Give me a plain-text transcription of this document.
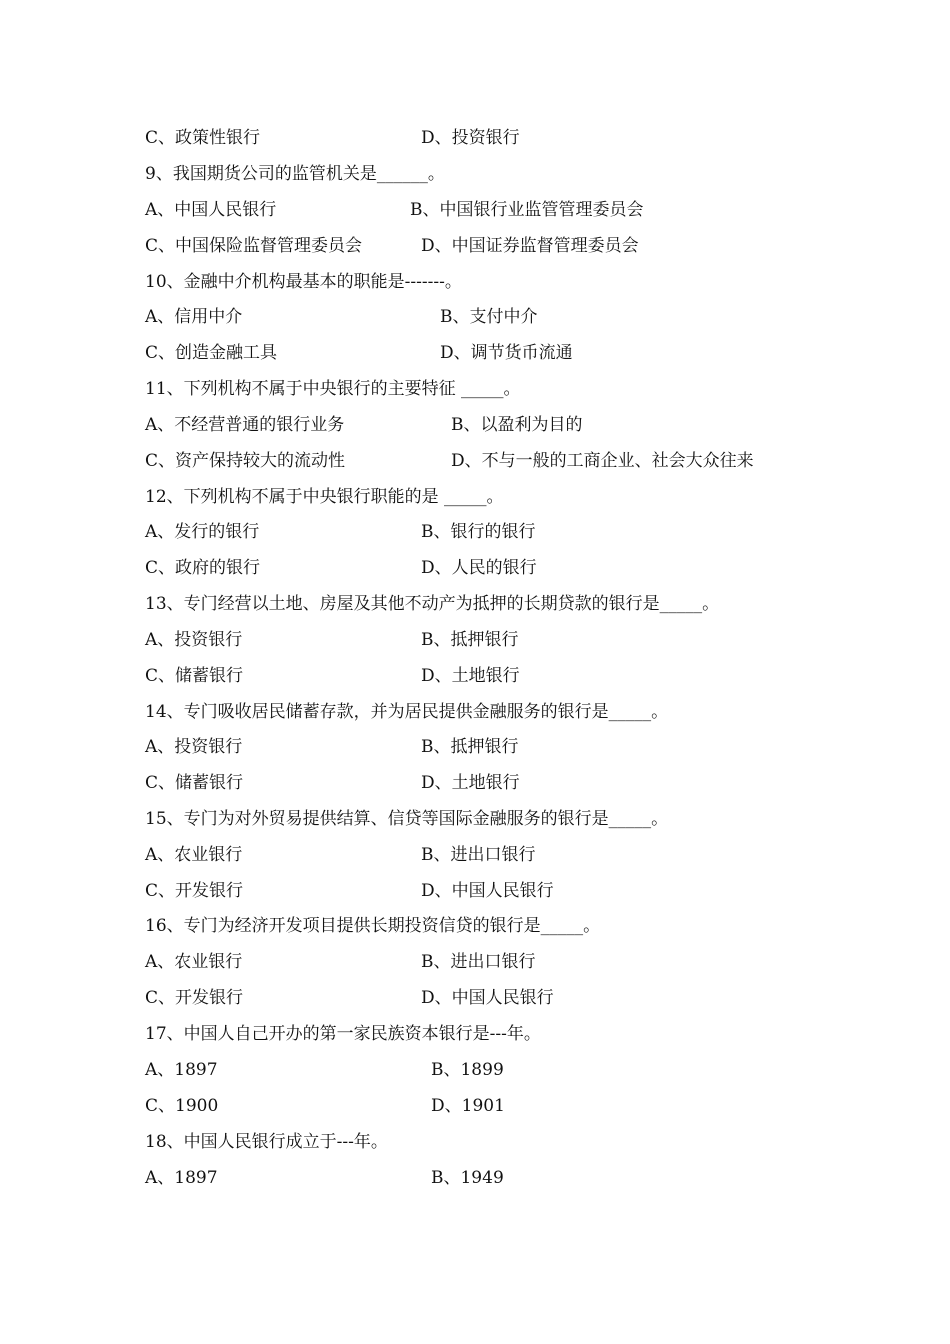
C、政策性银行	D、投资银行
9、我国期货公司的监管机关是______。
A、中国人民银行	B、中国银行业监管管理委员会
C、中国保险监督管理委员会	D、中国证券监督管理委员会
10、金融中介机构最基本的职能是-------。
A、信用中介	B、支付中介
C、创造金融工具	D、调节货币流通
11、下列机构不属于中央银行的主要特征 _____。
A、不经营普通的银行业务	B、以盈利为目的
C、资产保持较大的流动性	D、不与一般的工商企业、社会大众往来
12、下列机构不属于中央银行职能的是 _____。
A、发行的银行	B、银行的银行
C、政府的银行	D、人民的银行
13、专门经营以土地、房屋及其他不动产为抵押的长期贷款的银行是_____。
A、投资银行	B、抵押银行
C、储蓄银行	D、土地银行
14、专门吸收居民储蓄存款，并为居民提供金融服务的银行是_____。
A、投资银行	B、抵押银行
C、储蓄银行	D、土地银行
15、专门为对外贸易提供结算、信贷等国际金融服务的银行是_____。
A、农业银行	B、进出口银行
C、开发银行	D、中国人民银行
16、专门为经济开发项目提供长期投资信贷的银行是_____。
A、农业银行	B、进出口银行
C、开发银行	D、中国人民银行
17、中国人自己开办的第一家民族资本银行是---年。
A、1897	B、1899
C、1900	D、1901
18、中国人民银行成立于---年。
A、1897	B、1949
